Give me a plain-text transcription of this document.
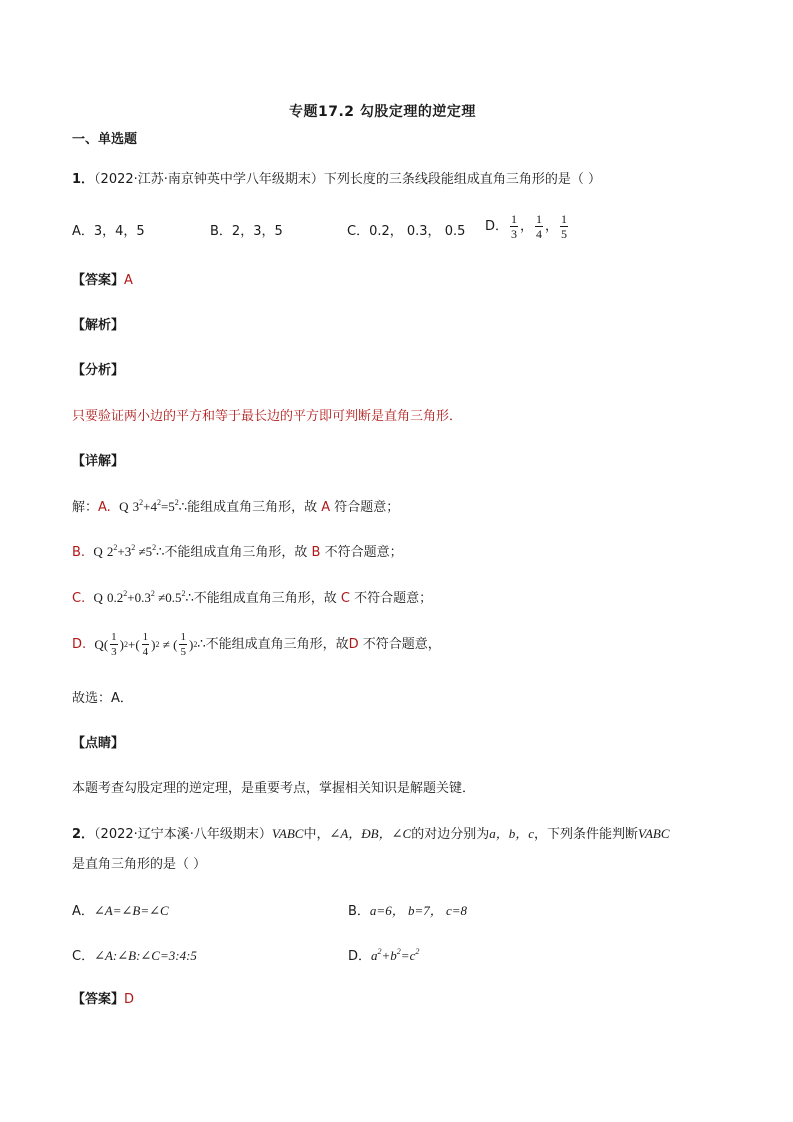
专题17.2 勾股定理的逆定理
一、单选题
1．（2022·江苏·南京钟英中学八年级期末）下列长度的三条线段能组成直角三角形的是（ ）
A．3，4，5	B．2，3，5	C．0.2， 0.3， 0.5 D． $\frac{1}{3}$ ， $\frac{1}{4}$ ， $\frac{1}{5}$
【答案】A
【解析】
【分析】
只要验证两小边的平方和等于最长边的平方即可判断是直角三角形．
【详解】
解：A. Q $3^2+4^2=5^2\therefore$能组成直角三角形，故 A 符合题意；
B. Q $2^2+3^2$ $\ne 5^2\therefore$不能组成直角三角形，故 B 不符合题意；
C. Q $0.2^2+0.3^2$ $\ne 0.5^2\therefore$不能组成直角三角形，故 C 不符合题意；
D.
Q ( $\frac{1}{3}$ ) 2 +( $\frac{1}{4}$ ) 2 ≠ ( $\frac{1}{5}$ ) 2 ∴不能组成直角三角形，故 D
不符合题意，
故选：A．
【点睛】
本题考查勾股定理的逆定理，是重要考点，掌握相关知识是解题关键．
2．（2022·辽宁本溪·八年级期末）VABC中，∠A，ÐB，∠C的对边分别为a，b，c，下列条件能判断VABC
是直角三角形的是（ ）
A．∠A=∠B=∠C	B．a=6， b=7， c=8
C．∠A:∠B:∠C=3:4:5	D．$a^2+b^2=c^2$
【答案】D
